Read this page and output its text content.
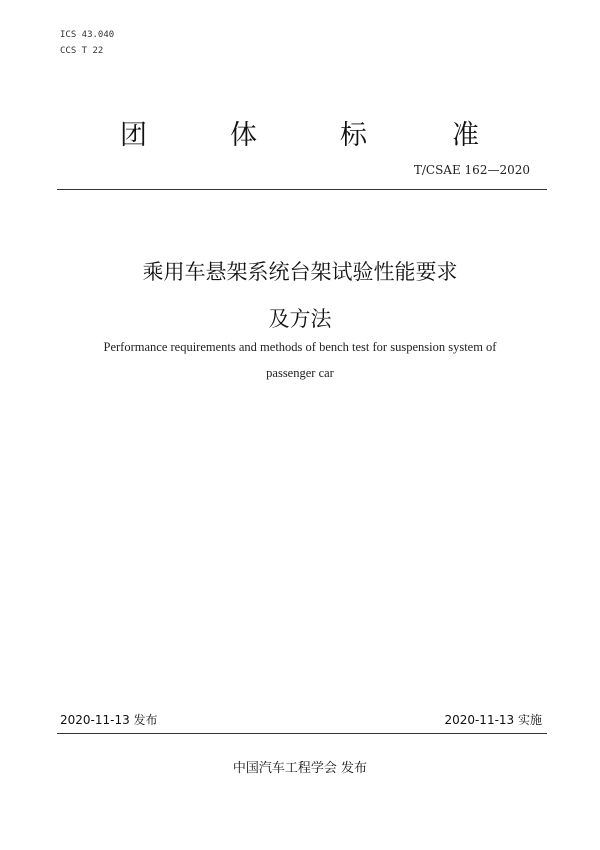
ICS 43.040
CCS T 22
团	体	标	准
T/CSAE 162—2020
乘用车悬架系统台架试验性能要求
及方法
Performance requirements and methods of bench test for suspension system of
passenger car
2020-11-13 发布	2020-11-13 实施
中国汽车工程学会 发布
